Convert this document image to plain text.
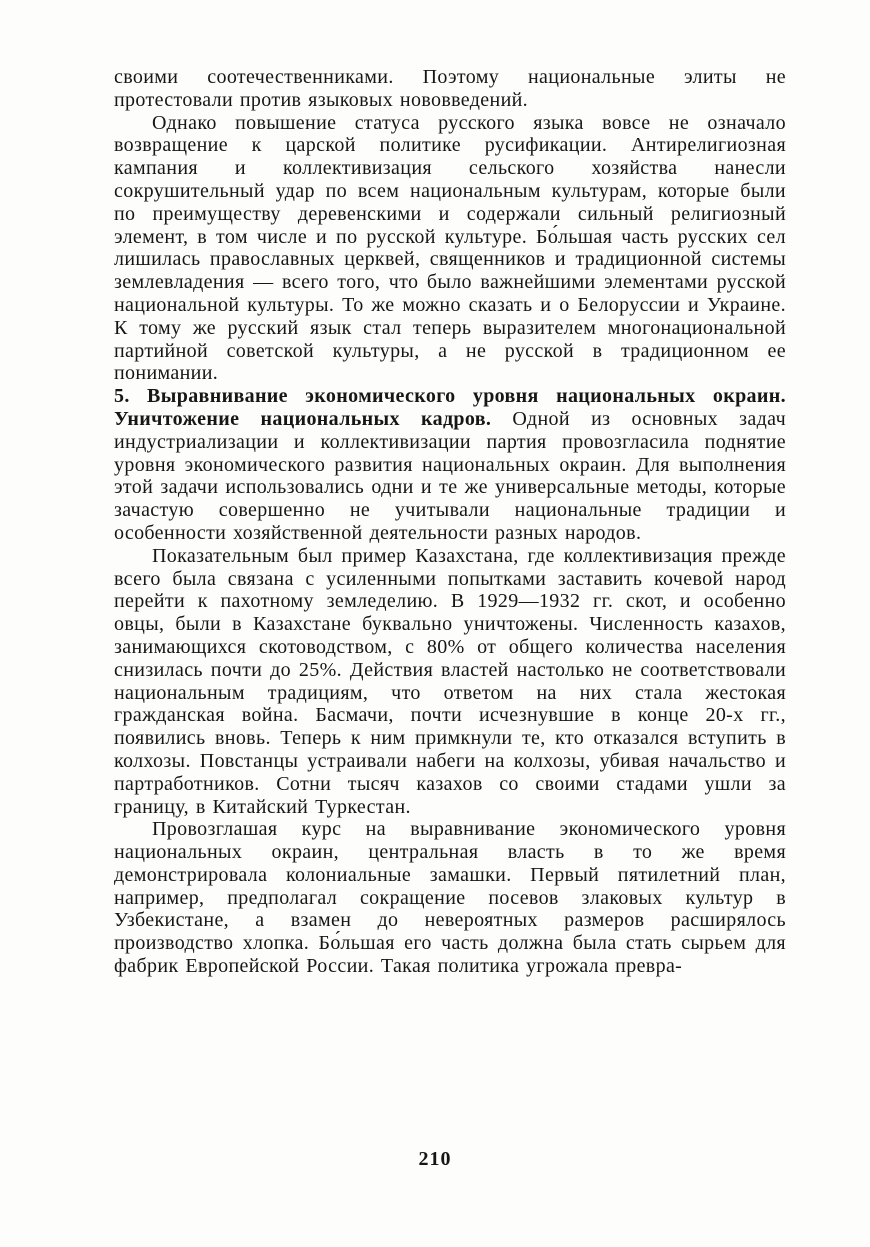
своими соотечественниками. Поэтому национальные элиты не протестовали против языковых нововведений.

Однако повышение статуса русского языка вовсе не означало возвращение к царской политике русификации. Антирелигиозная кампания и коллективизация сельского хозяйства нанесли сокрушительный удар по всем национальным культурам, которые были по преимуществу деревенскими и содержали сильный религиозный элемент, в том числе и по русской культуре. Бо́льшая часть русских сел лишилась православных церквей, священников и традиционной системы землевладения — всего того, что было важнейшими элементами русской национальной культуры. То же можно сказать и о Белоруссии и Украине. К тому же русский язык стал теперь выразителем многонациональной партийной советской культуры, а не русской в традиционном ее понимании.

5. Выравнивание экономического уровня национальных окраин. Уничтожение национальных кадров. Одной из основных задач индустриализации и коллективизации партия провозгласила поднятие уровня экономического развития национальных окраин. Для выполнения этой задачи использовались одни и те же универсальные методы, которые зачастую совершенно не учитывали национальные традиции и особенности хозяйственной деятельности разных народов.

Показательным был пример Казахстана, где коллективизация прежде всего была связана с усиленными попытками заставить кочевой народ перейти к пахотному земледелию. В 1929—1932 гг. скот, и особенно овцы, были в Казахстане буквально уничтожены. Численность казахов, занимающихся скотоводством, с 80% от общего количества населения снизилась почти до 25%. Действия властей настолько не соответствовали национальным традициям, что ответом на них стала жестокая гражданская война. Басмачи, почти исчезнувшие в конце 20-х гг., появились вновь. Теперь к ним примкнули те, кто отказался вступить в колхозы. Повстанцы устраивали набеги на колхозы, убивая начальство и партработников. Сотни тысяч казахов со своими стадами ушли за границу, в Китайский Туркестан.

Провозглашая курс на выравнивание экономического уровня национальных окраин, центральная власть в то же время демонстрировала колониальные замашки. Первый пятилетний план, например, предполагал сокращение посевов злаковых культур в Узбекистане, а взамен до невероятных размеров расширялось производство хлопка. Бо́льшая его часть должна была стать сырьем для фабрик Европейской России. Такая политика угрожала превра-

210
